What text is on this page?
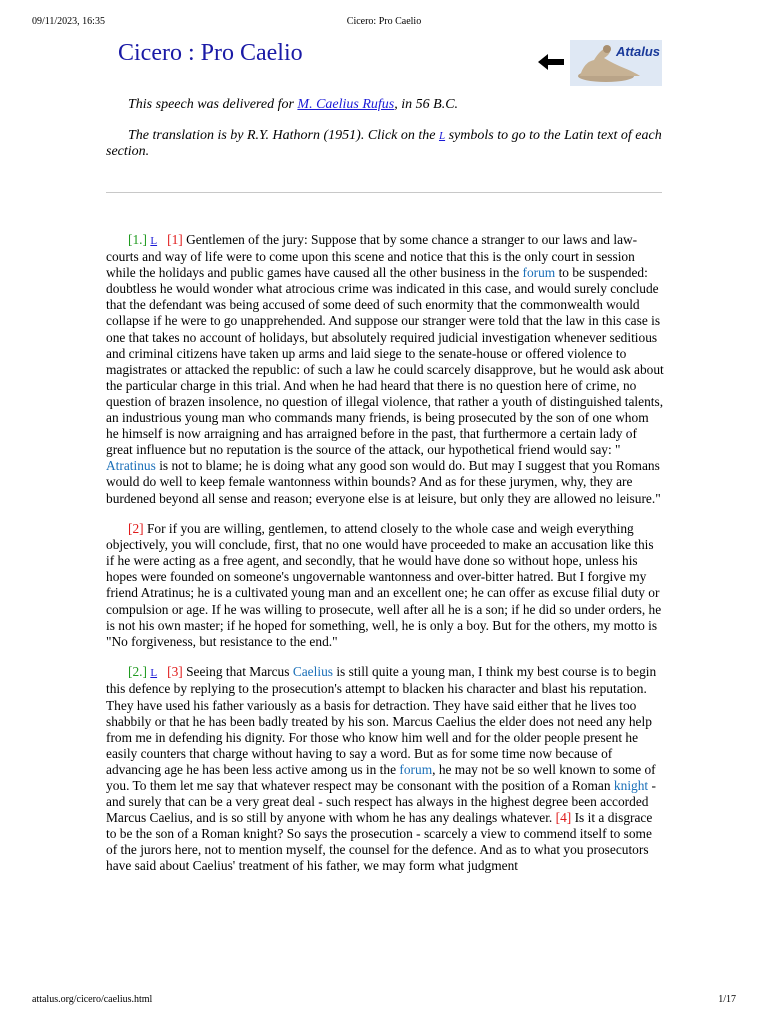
09/11/2023, 16:35	Cicero: Pro Caelio
Cicero : Pro Caelio	Attalus

This speech was delivered for M. Caelius Rufus, in 56 B.C.

The translation is by R.Y. Hathorn (1951). Click on the L symbols to go to the Latin text of each section.

[1.] L [1] Gentlemen of the jury: Suppose that by some chance a stranger to our laws and law-courts and way of life were to come upon this scene and notice that this is the only court in session while the holidays and public games have caused all the other business in the forum to be suspended: doubtless he would wonder what atrocious crime was indicated in this case, and would surely conclude that the defendant was being accused of some deed of such enormity that the commonwealth would collapse if he were to go unapprehended. And suppose our stranger were told that the law in this case is one that takes no account of holidays, but absolutely required judicial investigation whenever seditious and criminal citizens have taken up arms and laid siege to the senate-house or offered violence to magistrates or attacked the republic: of such a law he could scarcely disapprove, but he would ask about the particular charge in this trial. And when he had heard that there is no question here of crime, no question of brazen insolence, no question of illegal violence, that rather a youth of distinguished talents, an industrious young man who commands many friends, is being prosecuted by the son of one whom he himself is now arraigning and has arraigned before in the past, that furthermore a certain lady of great influence but no reputation is the source of the attack, our hypothetical friend would say: " Atratinus is not to blame; he is doing what any good son would do. But may I suggest that you Romans would do well to keep female wantonness within bounds? And as for these jurymen, why, they are burdened beyond all sense and reason; everyone else is at leisure, but only they are allowed no leisure."

[2] For if you are willing, gentlemen, to attend closely to the whole case and weigh everything objectively, you will conclude, first, that no one would have proceeded to make an accusation like this if he were acting as a free agent, and secondly, that he would have done so without hope, unless his hopes were founded on someone's ungovernable wantonness and over-bitter hatred. But I forgive my friend Atratinus; he is a cultivated young man and an excellent one; he can offer as excuse filial duty or compulsion or age. If he was willing to prosecute, well after all he is a son; if he did so under orders, he is not his own master; if he hoped for something, well, he is only a boy. But for the others, my motto is "No forgiveness, but resistance to the end."

[2.] L [3] Seeing that Marcus Caelius is still quite a young man, I think my best course is to begin this defence by replying to the prosecution's attempt to blacken his character and blast his reputation. They have used his father variously as a basis for detraction. They have said either that he lives too shabbily or that he has been badly treated by his son. Marcus Caelius the elder does not need any help from me in defending his dignity. For those who know him well and for the older people present he easily counters that charge without having to say a word. But as for some time now because of advancing age he has been less active among us in the forum, he may not be so well known to some of you. To them let me say that whatever respect may be consonant with the position of a Roman knight - and surely that can be a very great deal - such respect has always in the highest degree been accorded Marcus Caelius, and is so still by anyone with whom he has any dealings whatever. [4] Is it a disgrace to be the son of a Roman knight? So says the prosecution - scarcely a view to commend itself to some of the jurors here, not to mention myself, the counsel for the defence. And as to what you prosecutors have said about Caelius' treatment of his father, we may form what judgment

attalus.org/cicero/caelius.html	1/17
